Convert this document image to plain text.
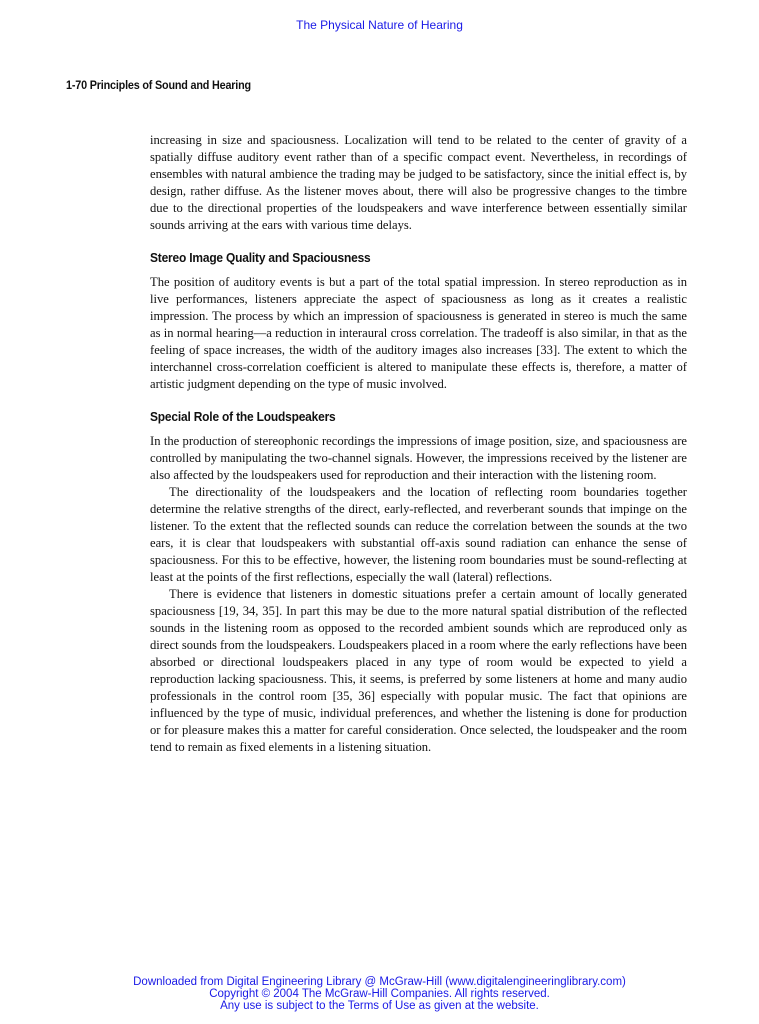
The Physical Nature of Hearing
1-70 Principles of Sound and Hearing

increasing in size and spaciousness. Localization will tend to be related to the center of gravity of a spatially diffuse auditory event rather than of a specific compact event. Nevertheless, in recordings of ensembles with natural ambience the trading may be judged to be satisfactory, since the initial effect is, by design, rather diffuse. As the listener moves about, there will also be progressive changes to the timbre due to the directional properties of the loudspeakers and wave interference between essentially similar sounds arriving at the ears with various time delays.

Stereo Image Quality and Spaciousness

The position of auditory events is but a part of the total spatial impression. In stereo reproduction as in live performances, listeners appreciate the aspect of spaciousness as long as it creates a realistic impression. The process by which an impression of spaciousness is generated in stereo is much the same as in normal hearing—a reduction in interaural cross correlation. The tradeoff is also similar, in that as the feeling of space increases, the width of the auditory images also increases [33]. The extent to which the interchannel cross-correlation coefficient is altered to manipulate these effects is, therefore, a matter of artistic judgment depending on the type of music involved.

Special Role of the Loudspeakers

In the production of stereophonic recordings the impressions of image position, size, and spaciousness are controlled by manipulating the two-channel signals. However, the impressions received by the listener are also affected by the loudspeakers used for reproduction and their interaction with the listening room.

The directionality of the loudspeakers and the location of reflecting room boundaries together determine the relative strengths of the direct, early-reflected, and reverberant sounds that impinge on the listener. To the extent that the reflected sounds can reduce the correlation between the sounds at the two ears, it is clear that loudspeakers with substantial off-axis sound radiation can enhance the sense of spaciousness. For this to be effective, however, the listening room boundaries must be sound-reflecting at least at the points of the first reflections, especially the wall (lateral) reflections.

There is evidence that listeners in domestic situations prefer a certain amount of locally generated spaciousness [19, 34, 35]. In part this may be due to the more natural spatial distribution of the reflected sounds in the listening room as opposed to the recorded ambient sounds which are reproduced only as direct sounds from the loudspeakers. Loudspeakers placed in a room where the early reflections have been absorbed or directional loudspeakers placed in any type of room would be expected to yield a reproduction lacking spaciousness. This, it seems, is preferred by some listeners at home and many audio professionals in the control room [35, 36] especially with popular music. The fact that opinions are influenced by the type of music, individual preferences, and whether the listening is done for production or for pleasure makes this a matter for careful consideration. Once selected, the loudspeaker and the room tend to remain as fixed elements in a listening situation.

Downloaded from Digital Engineering Library @ McGraw-Hill (www.digitalengineeringlibrary.com)
Copyright © 2004 The McGraw-Hill Companies. All rights reserved.
Any use is subject to the Terms of Use as given at the website.
